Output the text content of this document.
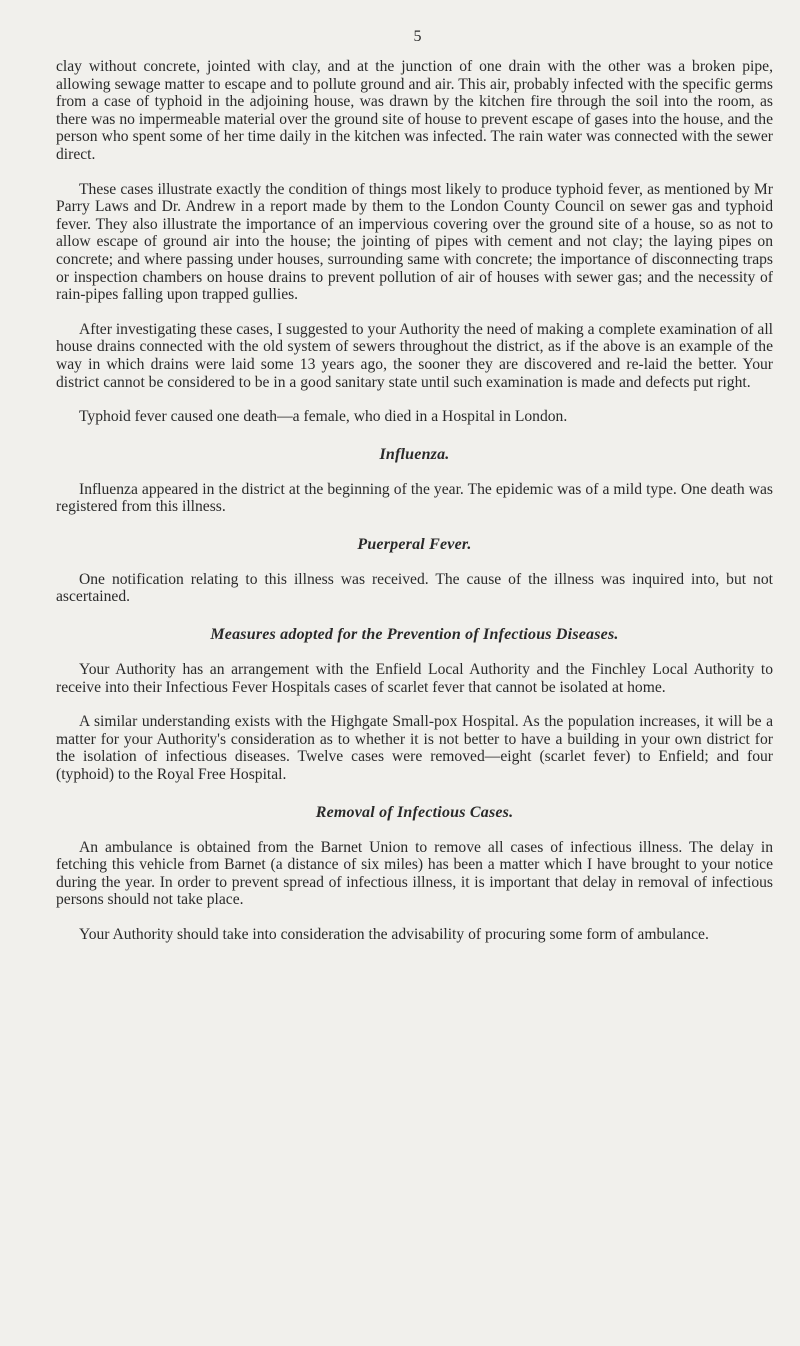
5

clay without concrete, jointed with clay, and at the junction of one drain with the other was a broken pipe, allowing sewage matter to escape and to pollute ground and air. This air, probably infected with the specific germs from a case of typhoid in the adjoining house, was drawn by the kitchen fire through the soil into the room, as there was no impermeable material over the ground site of house to prevent escape of gases into the house, and the person who spent some of her time daily in the kitchen was infected. The rain water was connected with the sewer direct.

These cases illustrate exactly the condition of things most likely to produce typhoid fever, as mentioned by Mr Parry Laws and Dr. Andrew in a report made by them to the London County Council on sewer gas and typhoid fever. They also illustrate the importance of an impervious covering over the ground site of a house, so as not to allow escape of ground air into the house; the jointing of pipes with cement and not clay; the laying pipes on concrete; and where passing under houses, surrounding same with concrete; the importance of disconnecting traps or inspection chambers on house drains to prevent pollution of air of houses with sewer gas; and the necessity of rain-pipes falling upon trapped gullies.

After investigating these cases, I suggested to your Authority the need of making a complete examination of all house drains connected with the old system of sewers throughout the district, as if the above is an example of the way in which drains were laid some 13 years ago, the sooner they are discovered and re-laid the better. Your district cannot be considered to be in a good sanitary state until such examination is made and defects put right.

Typhoid fever caused one death—a female, who died in a Hospital in London.

Influenza.

Influenza appeared in the district at the beginning of the year. The epidemic was of a mild type. One death was registered from this illness.

Puerperal Fever.

One notification relating to this illness was received. The cause of the illness was inquired into, but not ascertained.

Measures adopted for the Prevention of Infectious Diseases.

Your Authority has an arrangement with the Enfield Local Authority and the Finchley Local Authority to receive into their Infectious Fever Hospitals cases of scarlet fever that cannot be isolated at home.

A similar understanding exists with the Highgate Small-pox Hospital. As the population increases, it will be a matter for your Authority's consideration as to whether it is not better to have a building in your own district for the isolation of infectious diseases. Twelve cases were removed—eight (scarlet fever) to Enfield; and four (typhoid) to the Royal Free Hospital.

Removal of Infectious Cases.

An ambulance is obtained from the Barnet Union to remove all cases of infectious illness. The delay in fetching this vehicle from Barnet (a distance of six miles) has been a matter which I have brought to your notice during the year. In order to prevent spread of infectious illness, it is important that delay in removal of infectious persons should not take place.

Your Authority should take into consideration the advisability of procuring some form of ambulance.
